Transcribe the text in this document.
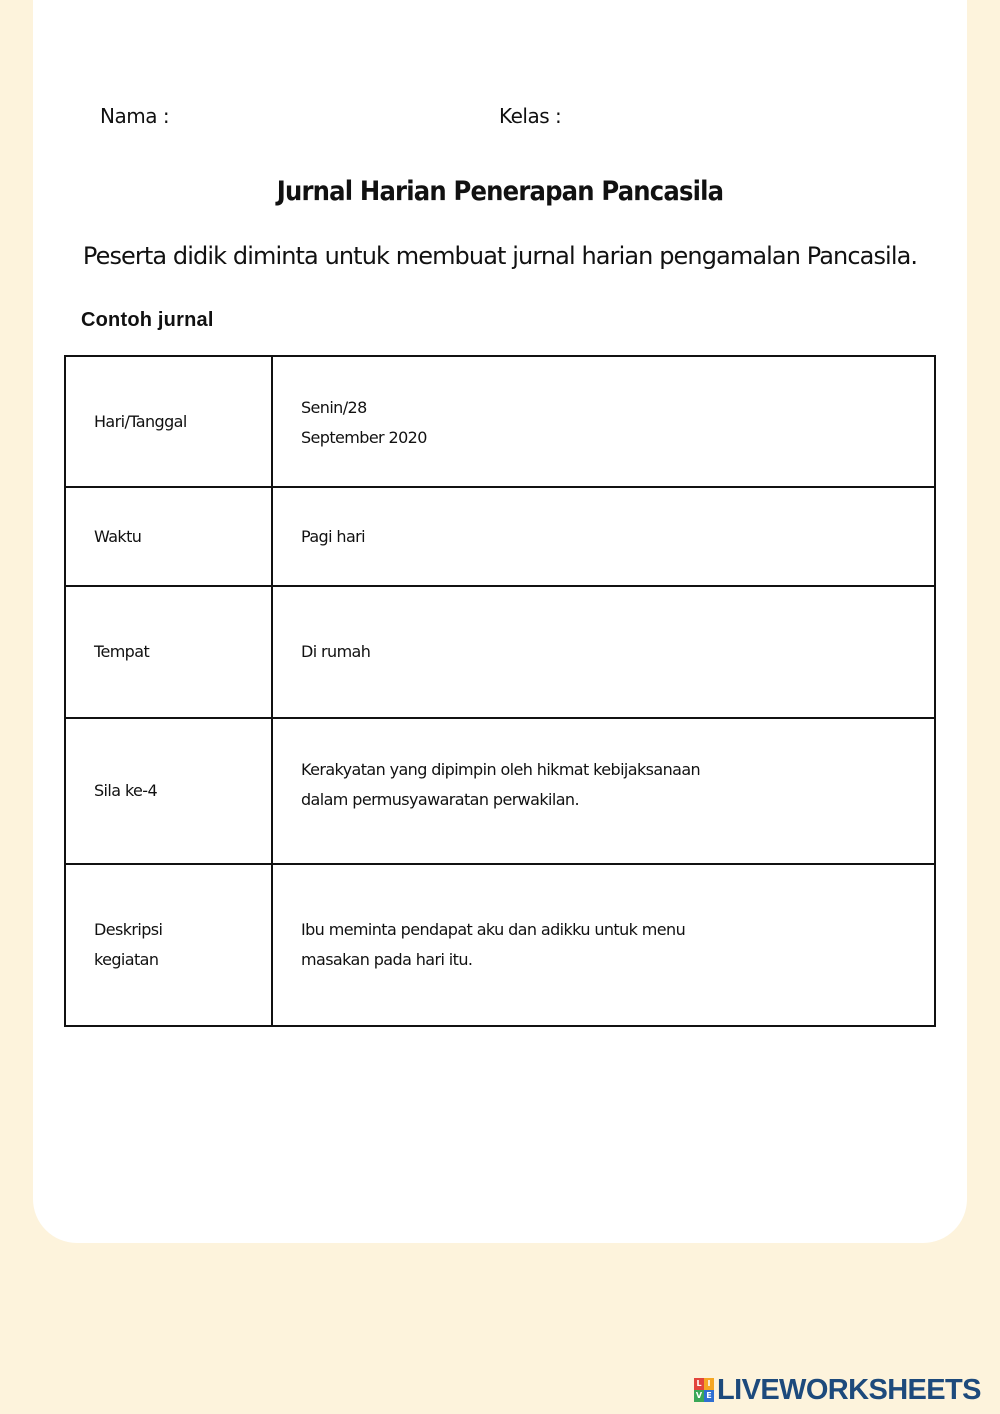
Nama :	Kelas :
Jurnal Harian Penerapan Pancasila
Peserta didik diminta untuk membuat jurnal harian pengamalan Pancasila.
Contoh jurnal
Hari/Tanggal	Senin/28
September 2020

Waktu	Pagi hari

Tempat	Di rumah

Sila ke-4	Kerakyatan yang dipimpin oleh hikmat kebijaksanaan
dalam permusyawaratan perwakilan.

Deskripsi
kegiatan	Ibu meminta pendapat aku dan adikku untuk menu
masakan pada hari itu.
L I
V E LIVEWORKSHEETS
